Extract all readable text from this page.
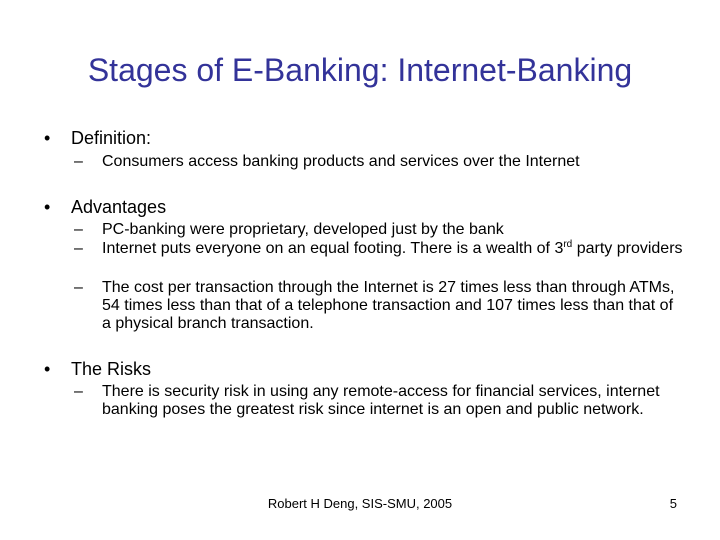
Stages of E-Banking: Internet-Banking
• Definition:
– Consumers access banking products and services over the Internet
• Advantages
– PC-banking were proprietary, developed just by the bank
– Internet puts everyone on an equal footing. There is a wealth of 3rd party providers
– The cost per transaction through the Internet is 27 times less than through ATMs, 54 times less than that of a telephone transaction and 107 times less than that of a physical branch transaction.
• The Risks
– There is security risk in using any remote-access for financial services, internet banking poses the greatest risk since internet is an open and public network.
Robert H Deng, SIS-SMU, 2005	5
